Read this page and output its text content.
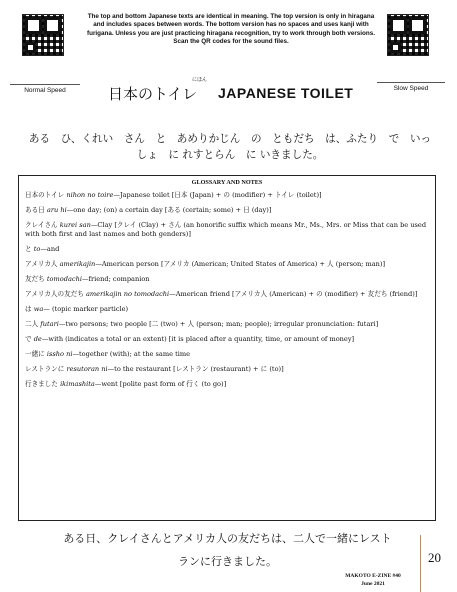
Normal Speed
The top and bottom Japanese texts are identical in meaning. The top version is only in hiragana and includes spaces between words. The bottom version has no spaces and uses kanji with furigana. Unless you are just practicing hiragana recognition, try to work through both versions. Scan the QR codes for the sound files.
Slow Speed
にほん
日本のトイレ JAPANESE TOILET
ある　ひ、くれい　さん　と　あめりかじん　の　ともだち　は、ふたり　で　いっしょ　に れすとらん　に いきました。
GLOSSARY AND NOTES
日本のトイレ nihon no toire—Japanese toilet [日本 (Japan) + の (modifier) + トイレ (toilet)]
ある日 aru hi—one day; (on) a certain day [ある (certain; some) + 日 (day)]
クレイさん kurei san—Clay [クレイ (Clay) + さん (an honorific suffix which means Mr., Ms., Mrs. or Miss that can be used with both first and last names and both genders)]
と to—and
アメリカ人 amerikajin—American person [アメリカ (American; United States of America) + 人 (person; man)]
友だち tomodachi—friend; companion
アメリカ人の友だち amerikajin no tomodachi—American friend [アメリカ人 (American) + の (modifier) + 友だち (friend)]
は wa— (topic marker particle)
二人 futari—two persons; two people [二 (two) + 人 (person; man; people); irregular pronunciation: futari]
で de—with (indicates a total or an extent) [it is placed after a quantity, time, or amount of money]
一緒に issho ni—together (with); at the same time
レストランに resutoran ni—to the restaurant [レストラン (restaurant) + に (to)]
行きました ikimashita—went [polite past form of 行く (to go)]
ある日、クレイさんとアメリカ人の友だちは、二人で一緒にレスト
ランに行きました。	20
MAKOTO E-ZINE #40
June 2021
